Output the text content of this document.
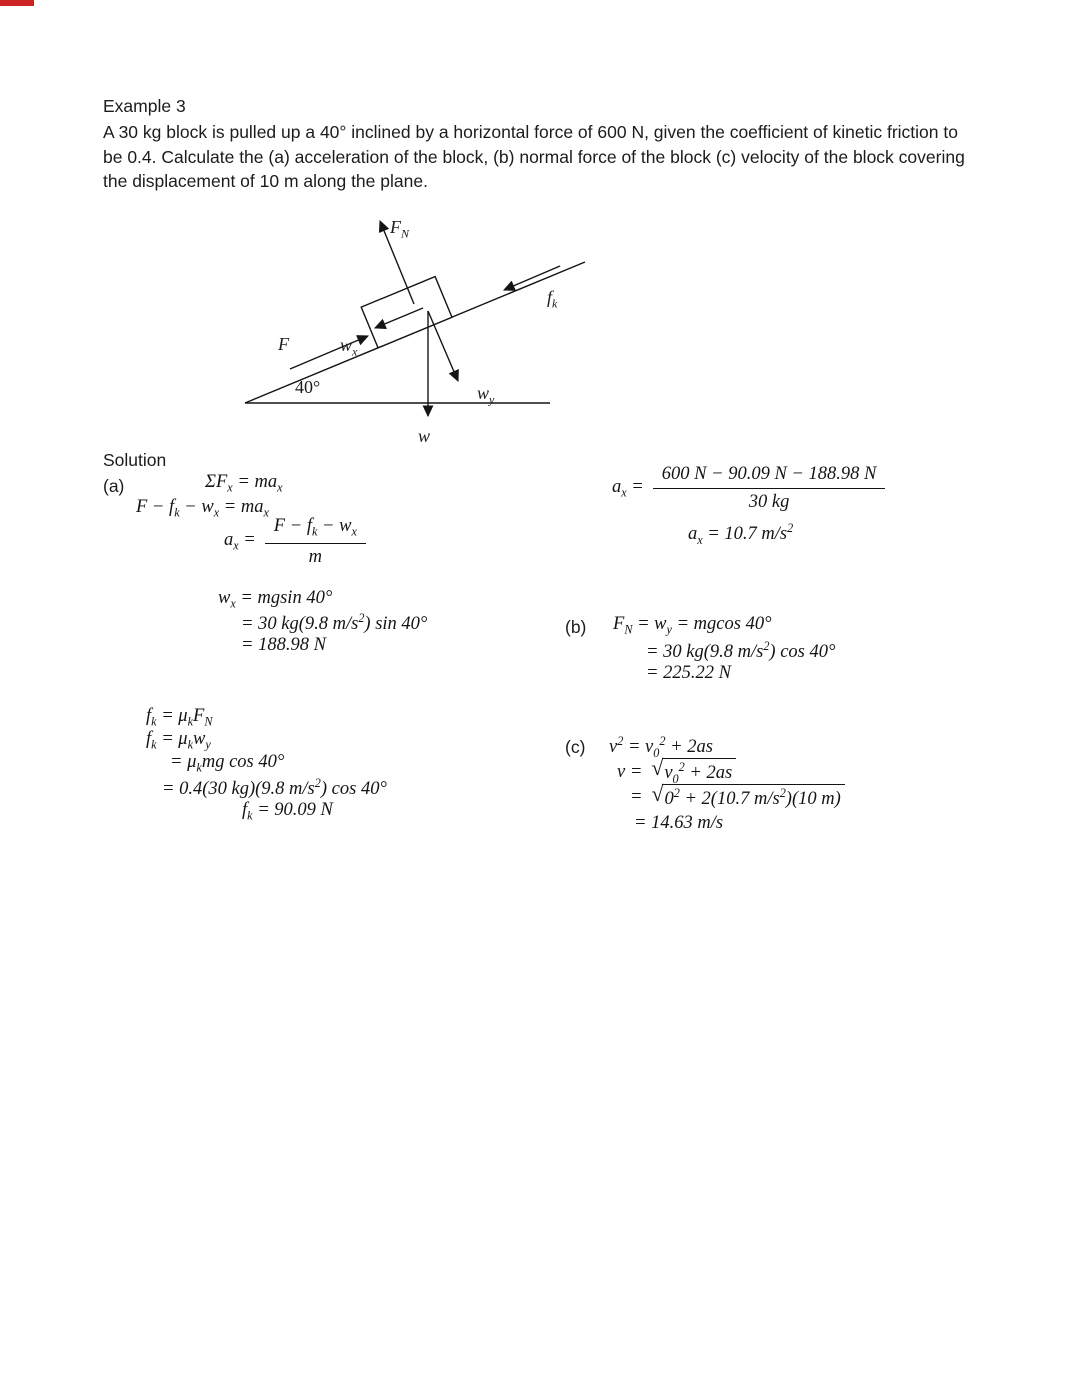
Example 3
A 30 kg block is pulled up a 40° inclined by a horizontal force of 600 N, given the coefficient of kinetic friction to be 0.4. Calculate the (a) acceleration of the block, (b) normal force of the block (c) velocity of the block covering the displacement of 10 m along the plane.
$F_N$
$f_k$
F	$w_x$
$w_y$
w
40°
Solution
(a)	$\Sigma F_x = ma_x$
$F - f_k - w_x = ma_x$
$a_x = \frac{F - f_k - w_x}{m}$
$w_x = mgsin$ 40°
= 30 kg(9.8 $m/s^2$) sin 40°
= 188.98 N
$f_k = \mu_kF_N$
$f_k = \mu_kw_y$
= $\mu_kmg$ cos 40°
= 0.4(30 kg)(9.8 $m/s^2$) cos 40°
$f_k = 90.09$ N
$a_x = \frac{600 N - 90.09 N - 188.98 N}{30 kg}$
$a_x = 10.7$ $m/s^2$
(b) $F_N = w_y = mgcos$ 40°
= 30 kg(9.8 $m/s^2$) cos 40°
= 225.22 N
(c) $v^2 = v_0^2 + 2as$
v = √ $v_0^2 + 2as$
= √ $0^2 + 2(10.7$ $m/s^2)(10$ m)
= 14.63 m/s
